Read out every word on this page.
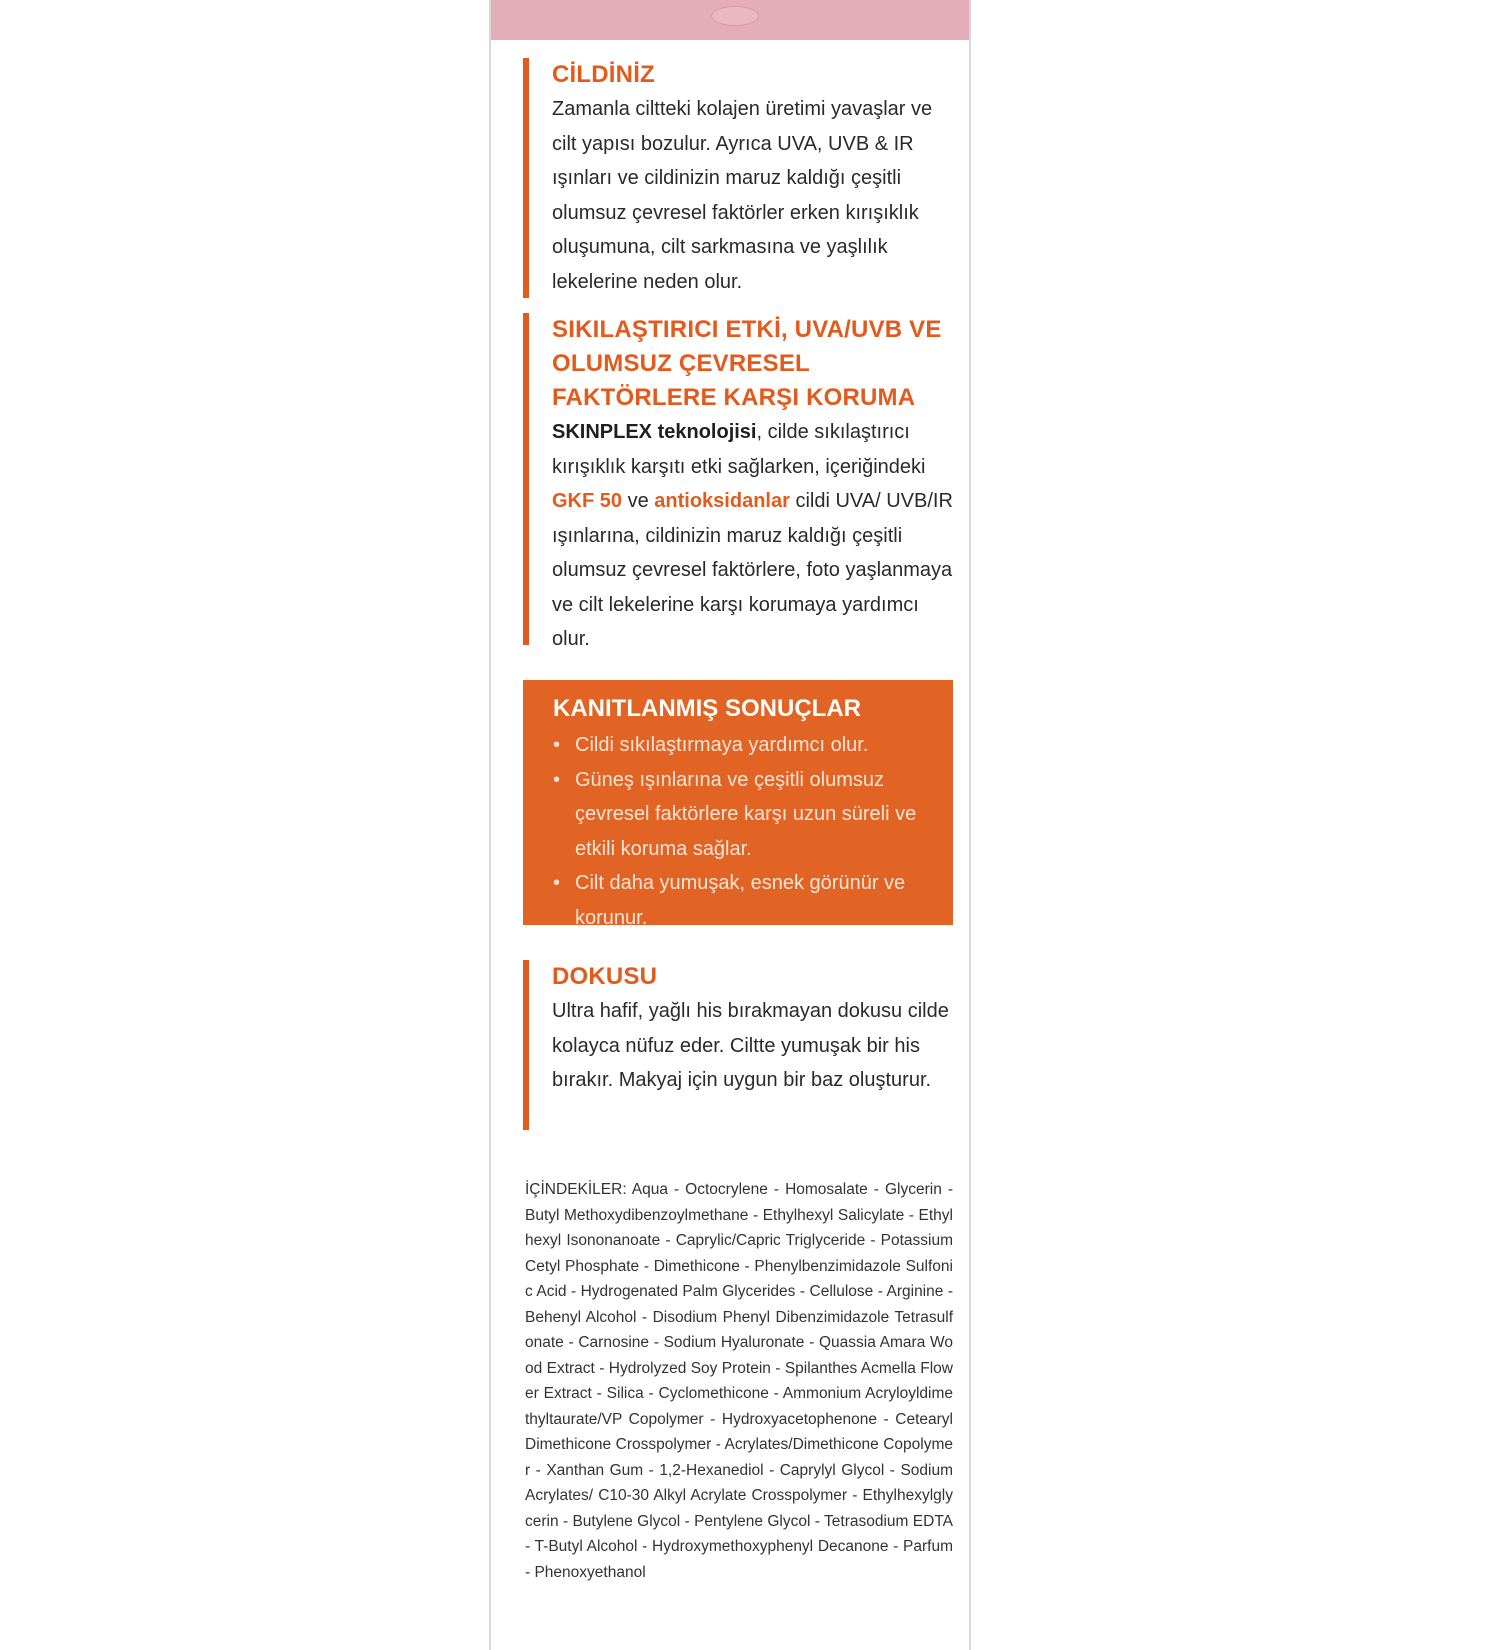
CİLDİNİZ

Zamanla ciltteki kolajen üretimi yavaşlar ve cilt yapısı bozulur. Ayrıca UVA, UVB & IR ışınları ve cildinizin maruz kaldığı çeşitli olumsuz çevresel faktörler erken kırışıklık oluşumuna, cilt sarkmasına ve yaşlılık lekelerine neden olur.

SIKILAŞTIRICI ETKİ, UVA/UVB VE OLUMSUZ ÇEVRESEL FAKTÖRLERE KARŞI KORUMA

SKINPLEX teknolojisi, cilde sıkılaştırıcı kırışıklık karşıtı etki sağlarken, içeriğindeki GKF 50 ve antioksidanlar cildi UVA/ UVB/IR ışınlarına, cildinizin maruz kaldığı çeşitli olumsuz çevresel faktörlere, foto yaşlanmaya ve cilt lekelerine karşı korumaya yardımcı olur.

KANITLANMIŞ SONUÇLAR

• Cildi sıkılaştırmaya yardımcı olur.
• Güneş ışınlarına ve çeşitli olumsuz çevresel faktörlere karşı uzun süreli ve etkili koruma sağlar.
• Cilt daha yumuşak, esnek görünür ve korunur.

DOKUSU

Ultra hafif, yağlı his bırakmayan dokusu cilde kolayca nüfuz eder. Ciltte yumuşak bir his bırakır. Makyaj için uygun bir baz oluşturur.

İÇİNDEKİLER: Aqua - Octocrylene - Homosalate - Glycerin - Butyl Methoxydibenzoylmethane - Ethylhexyl Salicylate - Ethylhexyl Isononanoate - Caprylic/Capric Triglyceride - Potassium Cetyl Phosphate - Dimethicone - Phenylbenzimidazole Sulfonic Acid - Hydrogenated Palm Glycerides - Cellulose - Arginine - Behenyl Alcohol - Disodium Phenyl Dibenzimidazole Tetrasulfonate - Carnosine - Sodium Hyaluronate - Quassia Amara Wood Extract - Hydrolyzed Soy Protein - Spilanthes Acmella Flower Extract - Silica - Cyclomethicone - Ammonium Acryloyldimethyltaurate/VP Copolymer - Hydroxyacetophenone - Cetearyl Dimethicone Crosspolymer - Acrylates/Dimethicone Copolymer - Xanthan Gum - 1,2-Hexanediol - Caprylyl Glycol - Sodium Acrylates/ C10-30 Alkyl Acrylate Crosspolymer - Ethylhexylglycerin - Butylene Glycol - Pentylene Glycol - Tetrasodium EDTA - T-Butyl Alcohol - Hydroxymethoxyphenyl Decanone - Parfum - Phenoxyethanol
